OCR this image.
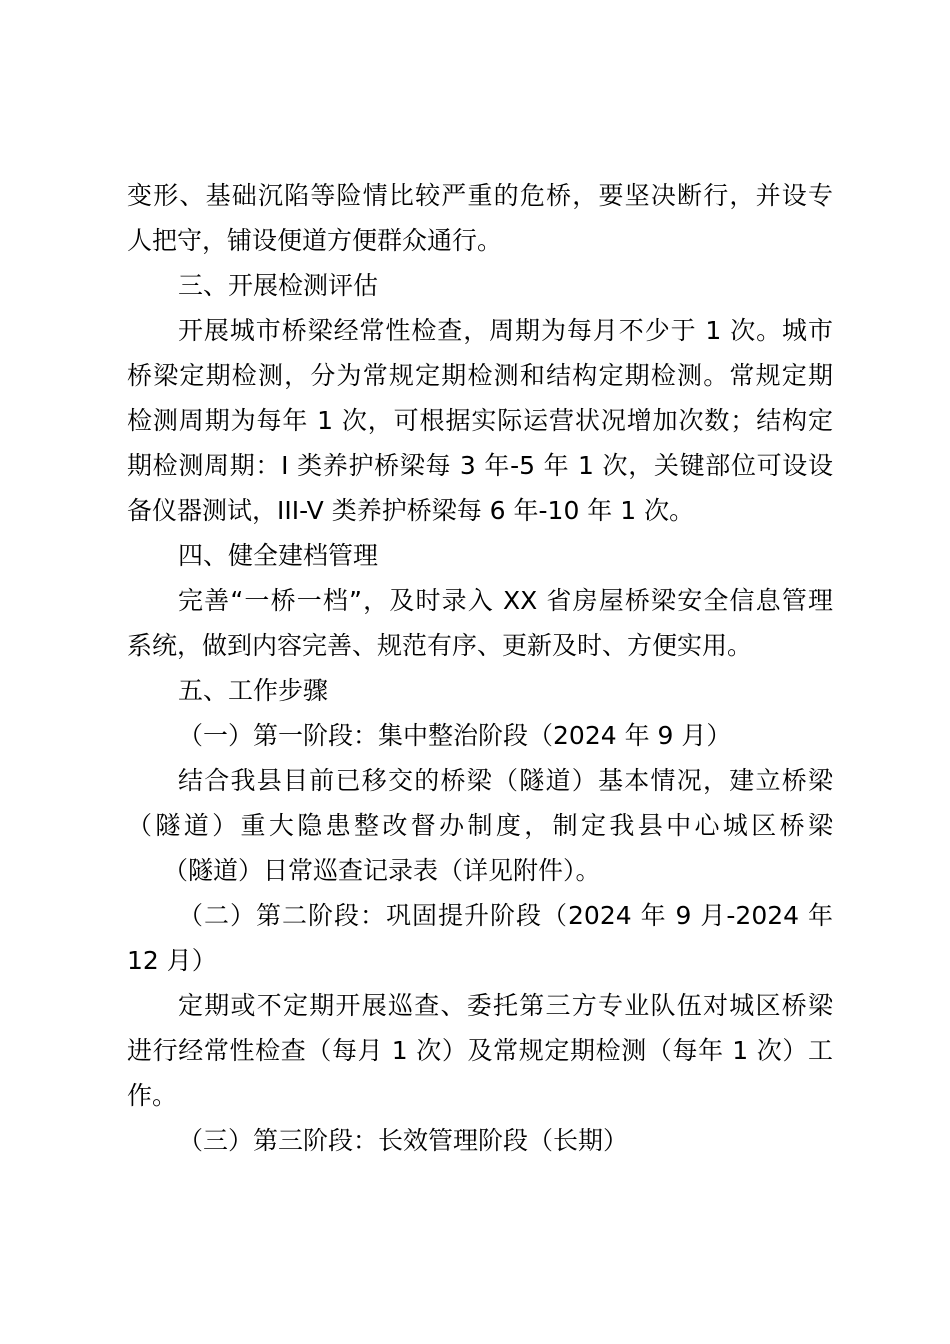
变形、基础沉陷等险情比较严重的危桥，要坚决断行，并设专
人把守，铺设便道方便群众通行。
三、开展检测评估
开展城市桥梁经常性检查，周期为每月不少于 1 次。城市
桥梁定期检测，分为常规定期检测和结构定期检测。常规定期
检测周期为每年 1 次，可根据实际运营状况增加次数；结构定
期检测周期：I 类养护桥梁每 3 年-5 年 1 次，关键部位可设设
备仪器测试，III-V 类养护桥梁每 6 年-10 年 1 次。
四、健全建档管理
完善“一桥一档”，及时录入 XX 省房屋桥梁安全信息管理
系统，做到内容完善、规范有序、更新及时、方便实用。
五、工作步骤
（一）第一阶段：集中整治阶段（2024 年 9 月）
结合我县目前已移交的桥梁（隧道）基本情况，建立桥梁
（隧道）重大隐患整改督办制度，制定我县中心城区桥梁
（隧道）日常巡查记录表（详见附件）。
（二）第二阶段：巩固提升阶段（2024 年 9 月-2024 年
12 月）
定期或不定期开展巡查、委托第三方专业队伍对城区桥梁
进行经常性检查（每月 1 次）及常规定期检测（每年 1 次）工
作。
（三）第三阶段：长效管理阶段（长期）
